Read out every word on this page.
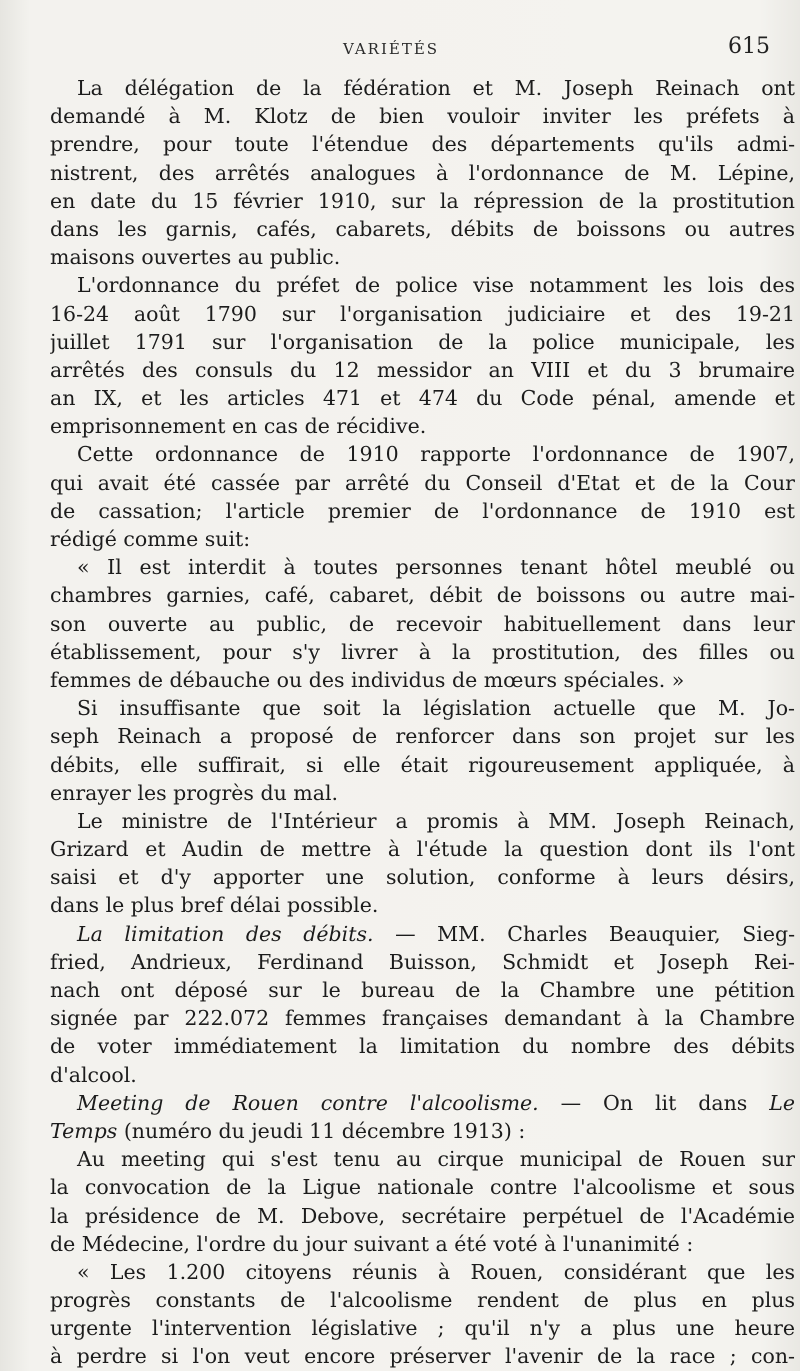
VARIÉTÉS	615
La délégation de la fédération et M. Joseph Reinach ont
demandé à M. Klotz de bien vouloir inviter les préfets à
prendre, pour toute l'étendue des départements qu'ils admi-
nistrent, des arrêtés analogues à l'ordonnance de M. Lépine,
en date du 15 février 1910, sur la répression de la prostitution
dans les garnis, cafés, cabarets, débits de boissons ou autres
maisons ouvertes au public.
L'ordonnance du préfet de police vise notamment les lois des
16-24 août 1790 sur l'organisation judiciaire et des 19-21
juillet 1791 sur l'organisation de la police municipale, les
arrêtés des consuls du 12 messidor an VIII et du 3 brumaire
an IX, et les articles 471 et 474 du Code pénal, amende et
emprisonnement en cas de récidive.
Cette ordonnance de 1910 rapporte l'ordonnance de 1907,
qui avait été cassée par arrêté du Conseil d'Etat et de la Cour
de cassation; l'article premier de l'ordonnance de 1910 est
rédigé comme suit:
« Il est interdit à toutes personnes tenant hôtel meublé ou
chambres garnies, café, cabaret, débit de boissons ou autre mai-
son ouverte au public, de recevoir habituellement dans leur
établissement, pour s'y livrer à la prostitution, des filles ou
femmes de débauche ou des individus de mœurs spéciales. »
Si insuffisante que soit la législation actuelle que M. Jo-
seph Reinach a proposé de renforcer dans son projet sur les
débits, elle suffirait, si elle était rigoureusement appliquée, à
enrayer les progrès du mal.
Le ministre de l'Intérieur a promis à MM. Joseph Reinach,
Grizard et Audin de mettre à l'étude la question dont ils l'ont
saisi et d'y apporter une solution, conforme à leurs désirs,
dans le plus bref délai possible.
La limitation des débits. — MM. Charles Beauquier, Sieg-
fried, Andrieux, Ferdinand Buisson, Schmidt et Joseph Rei-
nach ont déposé sur le bureau de la Chambre une pétition
signée par 222.072 femmes françaises demandant à la Chambre
de voter immédiatement la limitation du nombre des débits
d'alcool.
Meeting de Rouen contre l'alcoolisme. — On lit dans Le
Temps (numéro du jeudi 11 décembre 1913) :
Au meeting qui s'est tenu au cirque municipal de Rouen sur
la convocation de la Ligue nationale contre l'alcoolisme et sous
la présidence de M. Debove, secrétaire perpétuel de l'Académie
de Médecine, l'ordre du jour suivant a été voté à l'unanimité :
« Les 1.200 citoyens réunis à Rouen, considérant que les
progrès constants de l'alcoolisme rendent de plus en plus
urgente l'intervention législative ; qu'il n'y a plus une heure
à perdre si l'on veut encore préserver l'avenir de la race ; con-
